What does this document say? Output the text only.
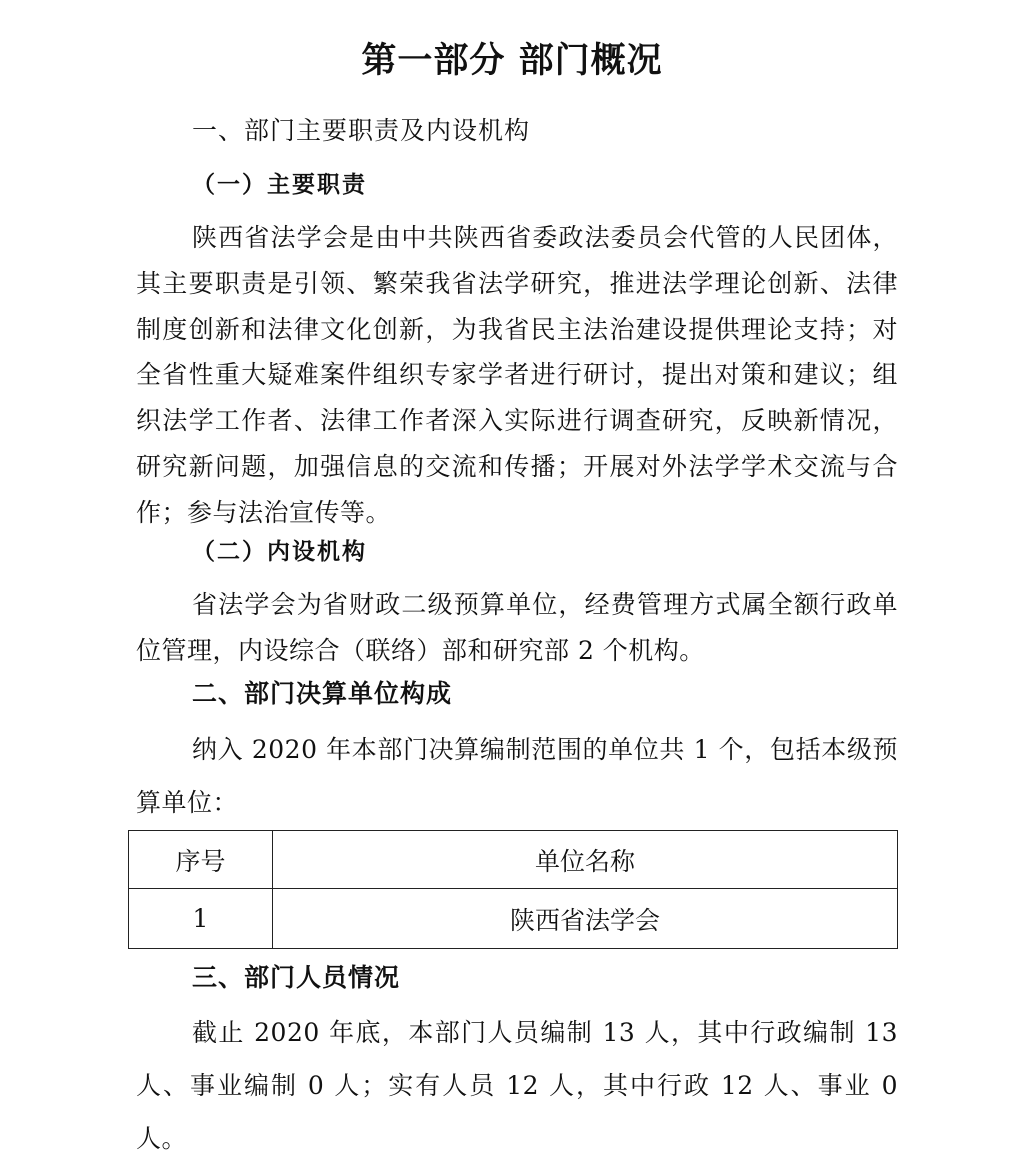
第一部分 部门概况
一、部门主要职责及内设机构
（一）主要职责
陕西省法学会是由中共陕西省委政法委员会代管的人民团体，其主要职责是引领、繁荣我省法学研究，推进法学理论创新、法律制度创新和法律文化创新，为我省民主法治建设提供理论支持；对全省性重大疑难案件组织专家学者进行研讨，提出对策和建议；组织法学工作者、法律工作者深入实际进行调查研究，反映新情况，研究新问题，加强信息的交流和传播；开展对外法学学术交流与合作；参与法治宣传等。
（二）内设机构
省法学会为省财政二级预算单位，经费管理方式属全额行政单位管理，内设综合（联络）部和研究部 2 个机构。
二、部门决算单位构成
纳入 2020 年本部门决算编制范围的单位共 1 个，包括本级预算单位：
序号	单位名称
1	陕西省法学会
三、部门人员情况
截止 2020 年底，本部门人员编制 13 人，其中行政编制 13 人、事业编制 0 人；实有人员 12 人，其中行政 12 人、事业 0 人。
